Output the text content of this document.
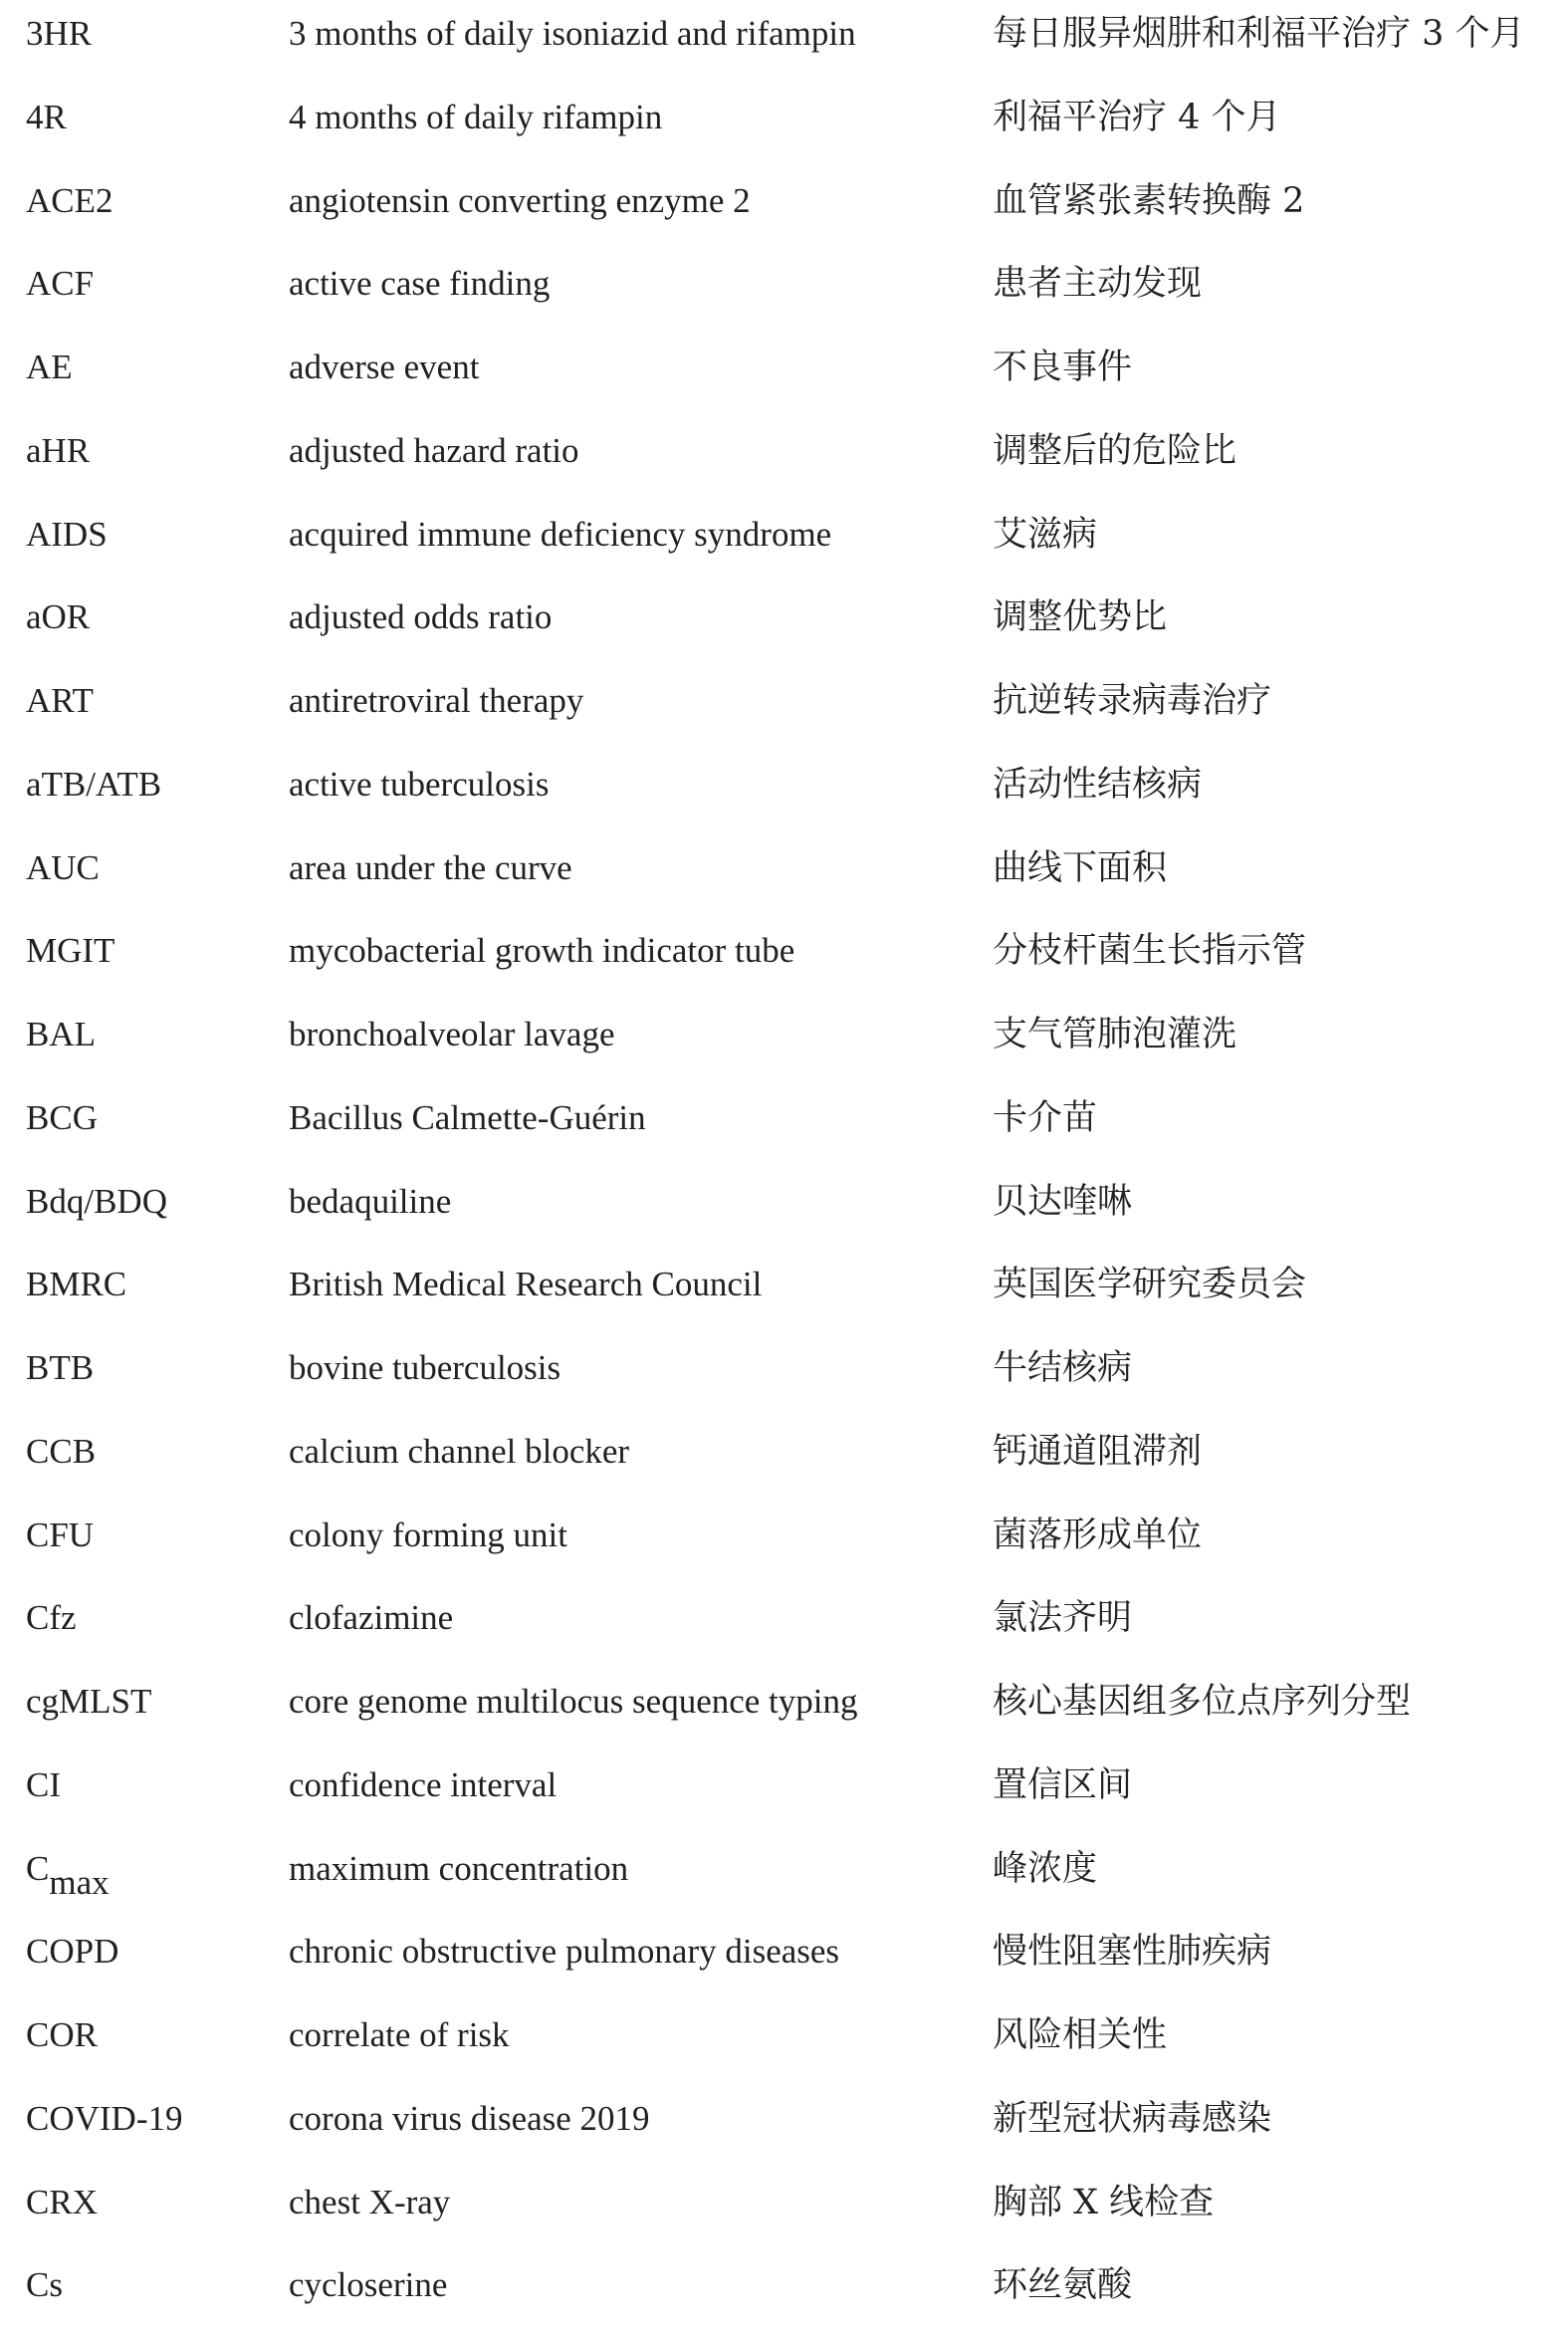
3HR	3 months of daily isoniazid and rifampin	每日服异烟肼和利福平治疗 3 个月
4R	4 months of daily rifampin	利福平治疗 4 个月
ACE2	angiotensin converting enzyme 2	血管紧张素转换酶 2
ACF	active case finding	患者主动发现
AE	adverse event	不良事件
aHR	adjusted hazard ratio	调整后的危险比
AIDS	acquired immune deficiency syndrome	艾滋病
aOR	adjusted odds ratio	调整优势比
ART	antiretroviral therapy	抗逆转录病毒治疗
aTB/ATB	active tuberculosis	活动性结核病
AUC	area under the curve	曲线下面积
MGIT	mycobacterial growth indicator tube	分枝杆菌生长指示管
BAL	bronchoalveolar lavage	支气管肺泡灌洗
BCG	Bacillus Calmette-Guérin	卡介苗
Bdq/BDQ	bedaquiline	贝达喹啉
BMRC	British Medical Research Council	英国医学研究委员会
BTB	bovine tuberculosis	牛结核病
CCB	calcium channel blocker	钙通道阻滞剂
CFU	colony forming unit	菌落形成单位
Cfz	clofazimine	氯法齐明
cgMLST	core genome multilocus sequence typing	核心基因组多位点序列分型
CI	confidence interval	置信区间
Cmax	maximum concentration	峰浓度
COPD	chronic obstructive pulmonary diseases	慢性阻塞性肺疾病
COR	correlate of risk	风险相关性
COVID-19	corona virus disease 2019	新型冠状病毒感染
CRX	chest X-ray	胸部 X 线检查
Cs	cycloserine	环丝氨酸
